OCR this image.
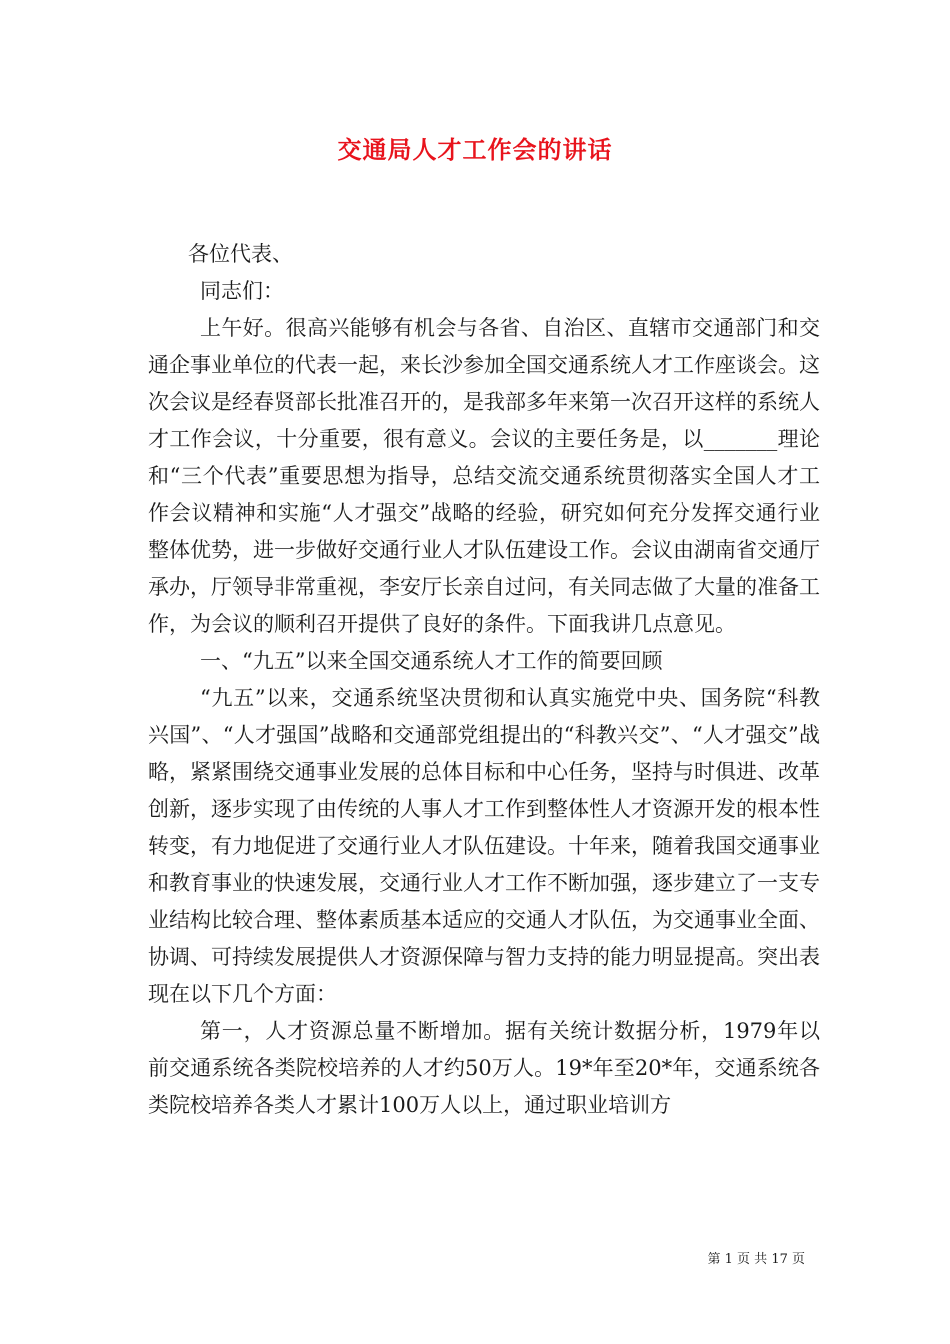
交通局人才工作会的讲话

各位代表、

同志们：

上午好。很高兴能够有机会与各省、自治区、直辖市交通部门和交通企事业单位的代表一起，来长沙参加全国交通系统人才工作座谈会。这次会议是经春贤部长批准召开的，是我部多年来第一次召开这样的系统人才工作会议，十分重要，很有意义。会议的主要任务是，以_______理论和“三个代表”重要思想为指导，总结交流交通系统贯彻落实全国人才工作会议精神和实施“人才强交”战略的经验，研究如何充分发挥交通行业整体优势，进一步做好交通行业人才队伍建设工作。会议由湖南省交通厅承办，厅领导非常重视，李安厅长亲自过问，有关同志做了大量的准备工作，为会议的顺利召开提供了良好的条件。下面我讲几点意见。

一、“九五”以来全国交通系统人才工作的简要回顾

“九五”以来，交通系统坚决贯彻和认真实施党中央、国务院“科教兴国”、“人才强国”战略和交通部党组提出的“科教兴交”、“人才强交”战略，紧紧围绕交通事业发展的总体目标和中心任务，坚持与时俱进、改革创新，逐步实现了由传统的人事人才工作到整体性人才资源开发的根本性转变，有力地促进了交通行业人才队伍建设。十年来，随着我国交通事业和教育事业的快速发展，交通行业人才工作不断加强，逐步建立了一支专业结构比较合理、整体素质基本适应的交通人才队伍，为交通事业全面、协调、可持续发展提供人才资源保障与智力支持的能力明显提高。突出表现在以下几个方面：

第一，人才资源总量不断增加。据有关统计数据分析，1979年以前交通系统各类院校培养的人才约50万人。19*年至20*年，交通系统各类院校培养各类人才累计100万人以上，通过职业培训方

第 1 页 共 17 页
